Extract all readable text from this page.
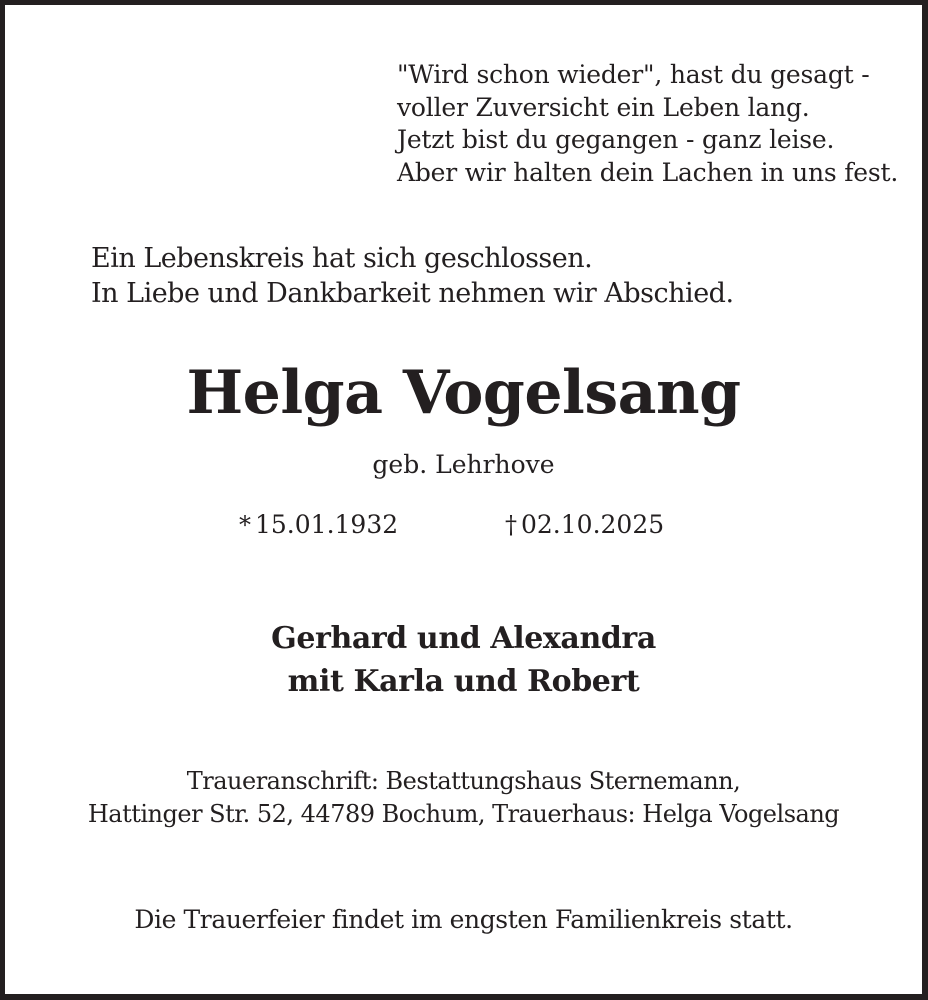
"Wird schon wieder", hast du gesagt -
voller Zuversicht ein Leben lang.
Jetzt bist du gegangen - ganz leise.
Aber wir halten dein Lachen in uns fest.
Ein Lebenskreis hat sich geschlossen.
In Liebe und Dankbarkeit nehmen wir Abschied.
Helga Vogelsang
geb. Lehrhove
* 15.01.1932	† 02.10.2025
Gerhard und Alexandra
mit Karla und Robert
Traueranschrift: Bestattungshaus Sternemann,
Hattinger Str. 52, 44789 Bochum, Trauerhaus: Helga Vogelsang
Die Trauerfeier findet im engsten Familienkreis statt.
